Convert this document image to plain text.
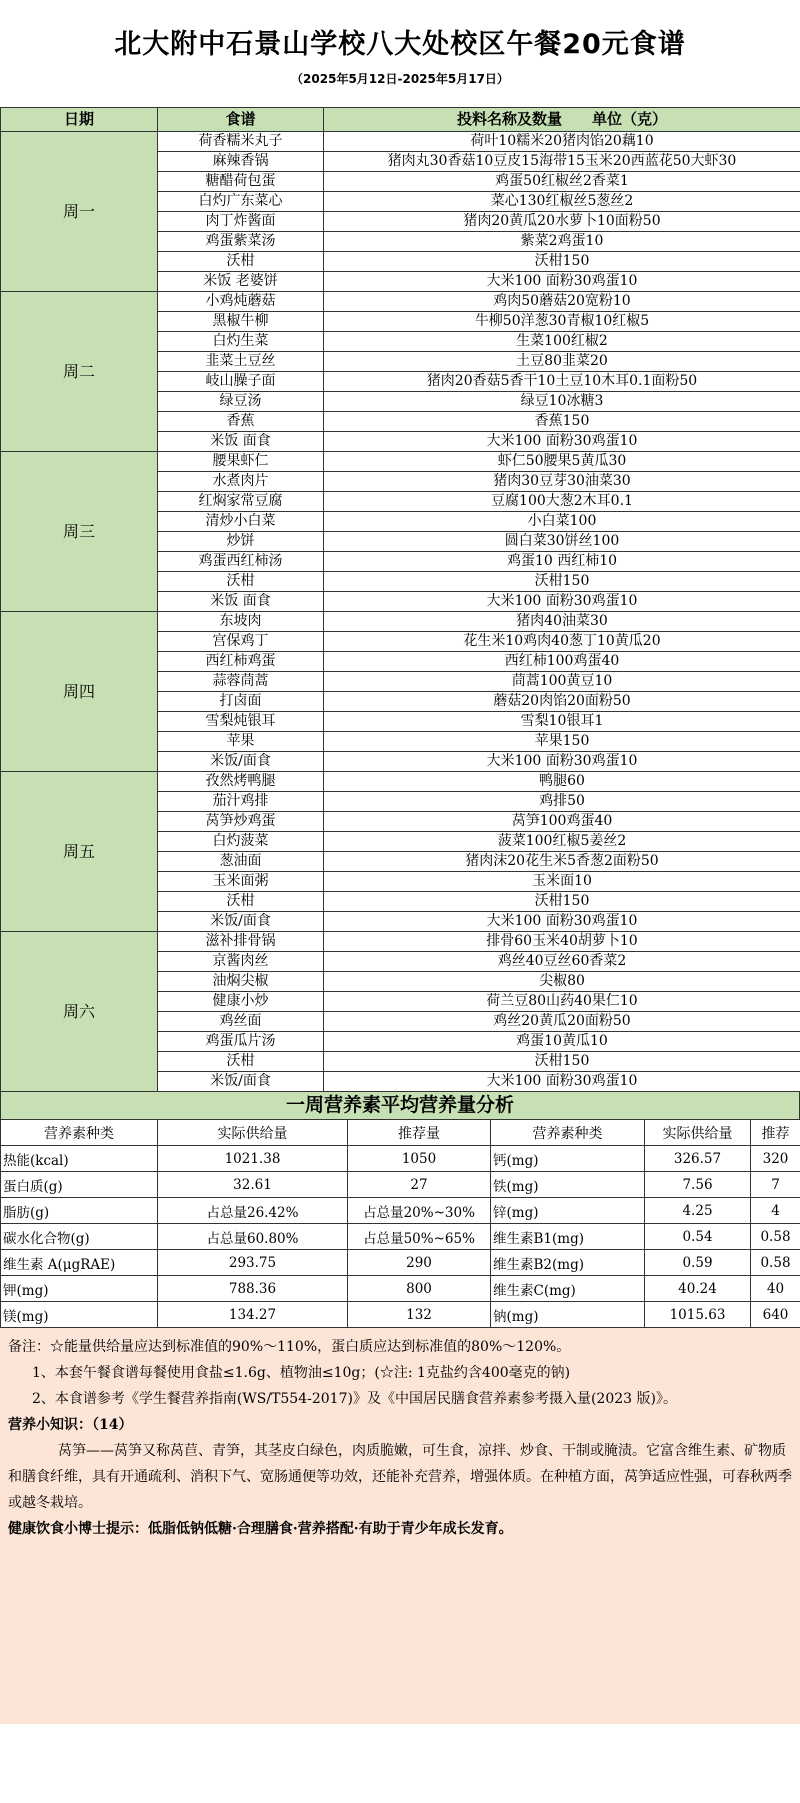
北大附中石景山学校八大处校区午餐20元食谱
（2025年5月12日-2025年5月17日）
日期	食谱	投料名称及数量　　单位（克）
周一	荷香糯米丸子	荷叶10糯米20猪肉馅20藕10
	麻辣香锅	猪肉丸30香菇10豆皮15海带15玉米20西蓝花50大虾30
	糖醋荷包蛋	鸡蛋50红椒丝2香菜1
	白灼广东菜心	菜心130红椒丝5葱丝2
	肉丁炸酱面	猪肉20黄瓜20水萝卜10面粉50
	鸡蛋紫菜汤	紫菜2鸡蛋10
	沃柑	沃柑150
	米饭 老婆饼	大米100 面粉30鸡蛋10
周二	小鸡炖蘑菇	鸡肉50蘑菇20宽粉10
	黑椒牛柳	牛柳50洋葱30青椒10红椒5
	白灼生菜	生菜100红椒2
	韭菜土豆丝	土豆80韭菜20
	岐山臊子面	猪肉20香菇5香干10土豆10木耳0.1面粉50
	绿豆汤	绿豆10冰糖3
	香蕉	香蕉150
	米饭 面食	大米100 面粉30鸡蛋10
周三	腰果虾仁	虾仁50腰果5黄瓜30
	水煮肉片	猪肉30豆芽30油菜30
	红焖家常豆腐	豆腐100大葱2木耳0.1
	清炒小白菜	小白菜100
	炒饼	圆白菜30饼丝100
	鸡蛋西红柿汤	鸡蛋10 西红柿10
	沃柑	沃柑150
	米饭 面食	大米100 面粉30鸡蛋10
周四	东坡肉	猪肉40油菜30
	宫保鸡丁	花生米10鸡肉40葱丁10黄瓜20
	西红柿鸡蛋	西红柿100鸡蛋40
	蒜蓉茼蒿	茼蒿100黄豆10
	打卤面	蘑菇20肉馅20面粉50
	雪梨炖银耳	雪梨10银耳1
	苹果	苹果150
	米饭/面食	大米100 面粉30鸡蛋10
周五	孜然烤鸭腿	鸭腿60
	茄汁鸡排	鸡排50
	莴笋炒鸡蛋	莴笋100鸡蛋40
	白灼菠菜	菠菜100红椒5姜丝2
	葱油面	猪肉沫20花生米5香葱2面粉50
	玉米面粥	玉米面10
	沃柑	沃柑150
	米饭/面食	大米100 面粉30鸡蛋10
周六	滋补排骨锅	排骨60玉米40胡萝卜10
	京酱肉丝	鸡丝40豆丝60香菜2
	油焖尖椒	尖椒80
	健康小炒	荷兰豆80山药40果仁10
	鸡丝面	鸡丝20黄瓜20面粉50
	鸡蛋瓜片汤	鸡蛋10黄瓜10
	沃柑	沃柑150
	米饭/面食	大米100 面粉30鸡蛋10
一周营养素平均营养量分析
营养素种类	实际供给量	推荐量	营养素种类	实际供给量	推荐
热能(kcal)	1021.38	1050	钙(mg)	326.57	320
蛋白质(g)	32.61	27	铁(mg)	7.56	7
脂肪(g)	占总量26.42%	占总量20%~30%	锌(mg)	4.25	4
碳水化合物(g)	占总量60.80%	占总量50%~65%	维生素B1(mg)	0.54	0.58
维生素 A(μgRAE)	293.75	290	维生素B2(mg)	0.59	0.58
钾(mg)	788.36	800	维生素C(mg)	40.24	40
镁(mg)	134.27	132	钠(mg)	1015.63	640
备注：☆能量供给量应达到标准值的90%～110%，蛋白质应达到标准值的80%～120%。
1、本套午餐食谱每餐使用食盐≤1.6g、植物油≤10g；(☆注: 1克盐约含400毫克的钠)
2、本食谱参考《学生餐营养指南(WS/T554-2017)》及《中国居民膳食营养素参考摄入量(2023 版)》。
营养小知识：（14）
莴笋——莴笋又称莴苣、青笋，其茎皮白绿色，肉质脆嫩，可生食，凉拌、炒食、干制或腌渍。它富含维生素、矿物质和膳食纤维，具有开通疏利、消积下气、宽肠通便等功效，还能补充营养，增强体质。在种植方面，莴笋适应性强，可春秋两季或越冬栽培。
健康饮食小博士提示：低脂低钠低糖·合理膳食·营养搭配·有助于青少年成长发育。
